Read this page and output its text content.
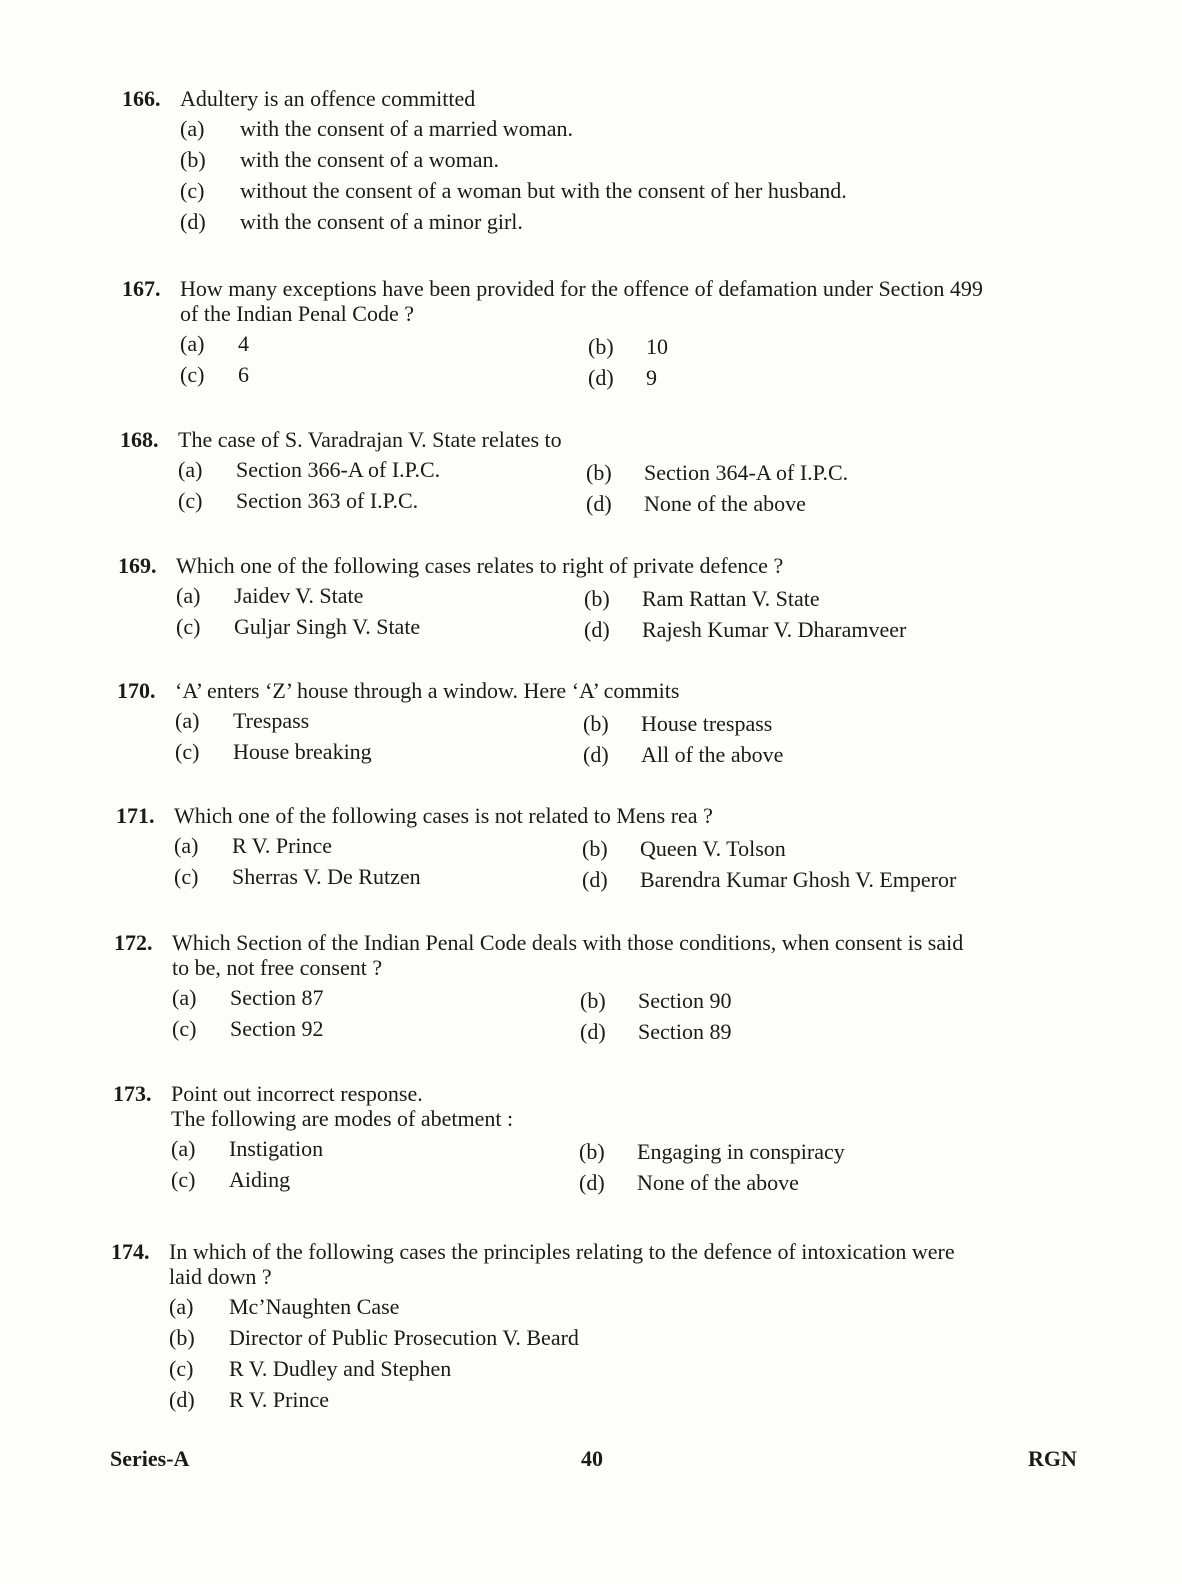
166. Adultery is an offence committed
(a) with the consent of a married woman.
(b) with the consent of a woman.
(c) without the consent of a woman but with the consent of her husband.
(d) with the consent of a minor girl.
167. How many exceptions have been provided for the offence of defamation under Section 499
of the Indian Penal Code ?
(a) 4	(b) 10
(c) 6	(d) 9
168. The case of S. Varadrajan V. State relates to
(a) Section 366-A of I.P.C.	(b) Section 364-A of I.P.C.
(c) Section 363 of I.P.C.	(d) None of the above
169. Which one of the following cases relates to right of private defence ?
(a) Jaidev V. State	(b) Ram Rattan V. State
(c) Guljar Singh V. State	(d) Rajesh Kumar V. Dharamveer
170. ‘A’ enters ‘Z’ house through a window. Here ‘A’ commits
(a) Trespass	(b) House trespass
(c) House breaking	(d) All of the above
171. Which one of the following cases is not related to Mens rea ?
(a) R V. Prince	(b) Queen V. Tolson
(c) Sherras V. De Rutzen	(d) Barendra Kumar Ghosh V. Emperor
172. Which Section of the Indian Penal Code deals with those conditions, when consent is said
to be, not free consent ?
(a) Section 87	(b) Section 90
(c) Section 92	(d) Section 89
173. Point out incorrect response.
The following are modes of abetment :
(a) Instigation	(b) Engaging in conspiracy
(c) Aiding	(d) None of the above
174. In which of the following cases the principles relating to the defence of intoxication were
laid down ?
(a) Mc’Naughten Case
(b) Director of Public Prosecution V. Beard
(c) R V. Dudley and Stephen
(d) R V. Prince
Series-A	40	RGN
